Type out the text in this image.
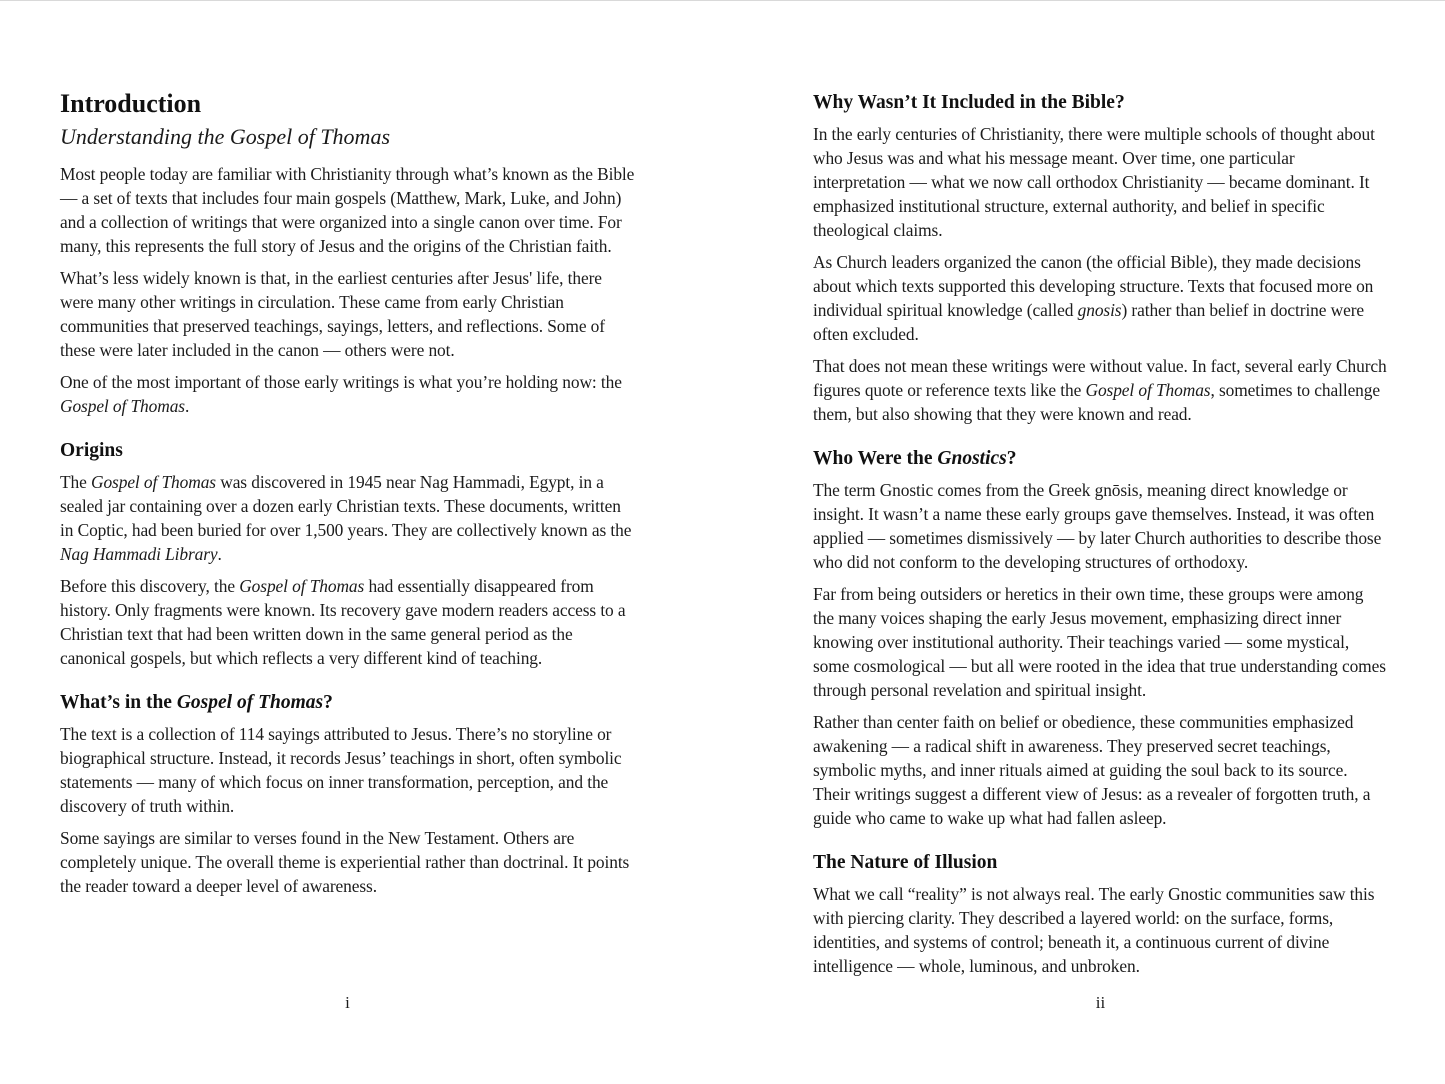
Introduction
Understanding the Gospel of Thomas

Most people today are familiar with Christianity through what’s known as the Bible — a set of texts that includes four main gospels (Matthew, Mark, Luke, and John) and a collection of writings that were organized into a single canon over time. For many, this represents the full story of Jesus and the origins of the Christian faith.

What’s less widely known is that, in the earliest centuries after Jesus' life, there were many other writings in circulation. These came from early Christian communities that preserved teachings, sayings, letters, and reflections. Some of these were later included in the canon — others were not.

One of the most important of those early writings is what you’re holding now: the Gospel of Thomas.

Origins

The Gospel of Thomas was discovered in 1945 near Nag Hammadi, Egypt, in a sealed jar containing over a dozen early Christian texts. These documents, written in Coptic, had been buried for over 1,500 years. They are collectively known as the Nag Hammadi Library.

Before this discovery, the Gospel of Thomas had essentially disappeared from history. Only fragments were known. Its recovery gave modern readers access to a Christian text that had been written down in the same general period as the canonical gospels, but which reflects a very different kind of teaching.

What’s in the Gospel of Thomas?

The text is a collection of 114 sayings attributed to Jesus. There’s no storyline or biographical structure. Instead, it records Jesus’ teachings in short, often symbolic statements — many of which focus on inner transformation, perception, and the discovery of truth within.

Some sayings are similar to verses found in the New Testament. Others are completely unique. The overall theme is experiential rather than doctrinal. It points the reader toward a deeper level of awareness.

i
Why Wasn’t It Included in the Bible?

In the early centuries of Christianity, there were multiple schools of thought about who Jesus was and what his message meant. Over time, one particular interpretation — what we now call orthodox Christianity — became dominant. It emphasized institutional structure, external authority, and belief in specific theological claims.

As Church leaders organized the canon (the official Bible), they made decisions about which texts supported this developing structure. Texts that focused more on individual spiritual knowledge (called gnosis) rather than belief in doctrine were often excluded.

That does not mean these writings were without value. In fact, several early Church figures quote or reference texts like the Gospel of Thomas, sometimes to challenge them, but also showing that they were known and read.

Who Were the Gnostics?

The term Gnostic comes from the Greek gnōsis, meaning direct knowledge or insight. It wasn’t a name these early groups gave themselves. Instead, it was often applied — sometimes dismissively — by later Church authorities to describe those who did not conform to the developing structures of orthodoxy.

Far from being outsiders or heretics in their own time, these groups were among the many voices shaping the early Jesus movement, emphasizing direct inner knowing over institutional authority. Their teachings varied — some mystical, some cosmological — but all were rooted in the idea that true understanding comes through personal revelation and spiritual insight.

Rather than center faith on belief or obedience, these communities emphasized awakening — a radical shift in awareness. They preserved secret teachings, symbolic myths, and inner rituals aimed at guiding the soul back to its source. Their writings suggest a different view of Jesus: as a revealer of forgotten truth, a guide who came to wake up what had fallen asleep.

The Nature of Illusion

What we call “reality” is not always real. The early Gnostic communities saw this with piercing clarity. They described a layered world: on the surface, forms, identities, and systems of control; beneath it, a continuous current of divine intelligence — whole, luminous, and unbroken.

ii
